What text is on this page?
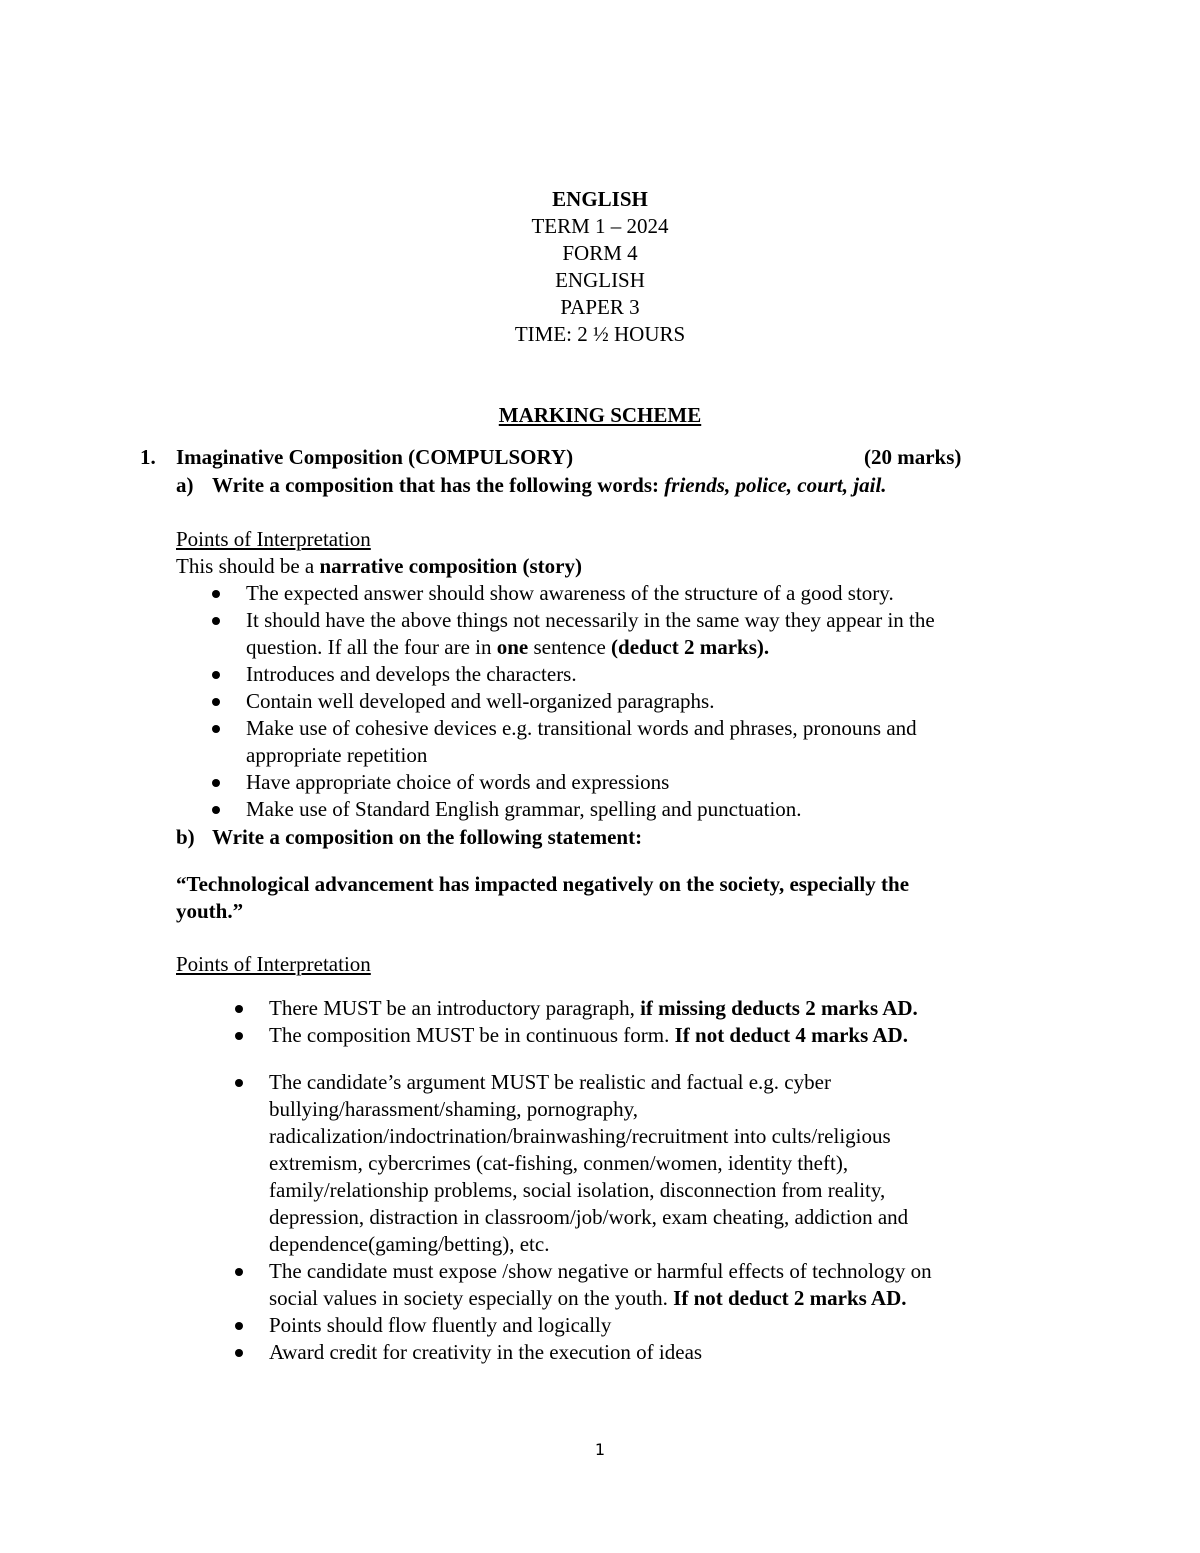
ENGLISH
TERM 1 – 2024
FORM 4
ENGLISH
PAPER 3
TIME: 2 ½ HOURS
MARKING SCHEME
1. Imaginative Composition (COMPULSORY)	(20 marks)
a) Write a composition that has the following words: friends, police, court, jail.
Points of Interpretation
This should be a narrative composition (story)
The expected answer should show awareness of the structure of a good story.
It should have the above things not necessarily in the same way they appear in the
question. If all the four are in one sentence (deduct 2 marks).
Introduces and develops the characters.
Contain well developed and well-organized paragraphs.
Make use of cohesive devices e.g. transitional words and phrases, pronouns and
appropriate repetition
Have appropriate choice of words and expressions
Make use of Standard English grammar, spelling and punctuation.
b) Write a composition on the following statement:
“Technological advancement has impacted negatively on the society, especially the
youth.”
Points of Interpretation
There MUST be an introductory paragraph, if missing deducts 2 marks AD.
The composition MUST be in continuous form. If not deduct 4 marks AD.
The candidate’s argument MUST be realistic and factual e.g. cyber
bullying/harassment/shaming, pornography,
radicalization/indoctrination/brainwashing/recruitment into cults/religious
extremism, cybercrimes (cat-fishing, conmen/women, identity theft),
family/relationship problems, social isolation, disconnection from reality,
depression, distraction in classroom/job/work, exam cheating, addiction and
dependence(gaming/betting), etc.
The candidate must expose /show negative or harmful effects of technology on
social values in society especially on the youth. If not deduct 2 marks AD.
Points should flow fluently and logically
Award credit for creativity in the execution of ideas
1
